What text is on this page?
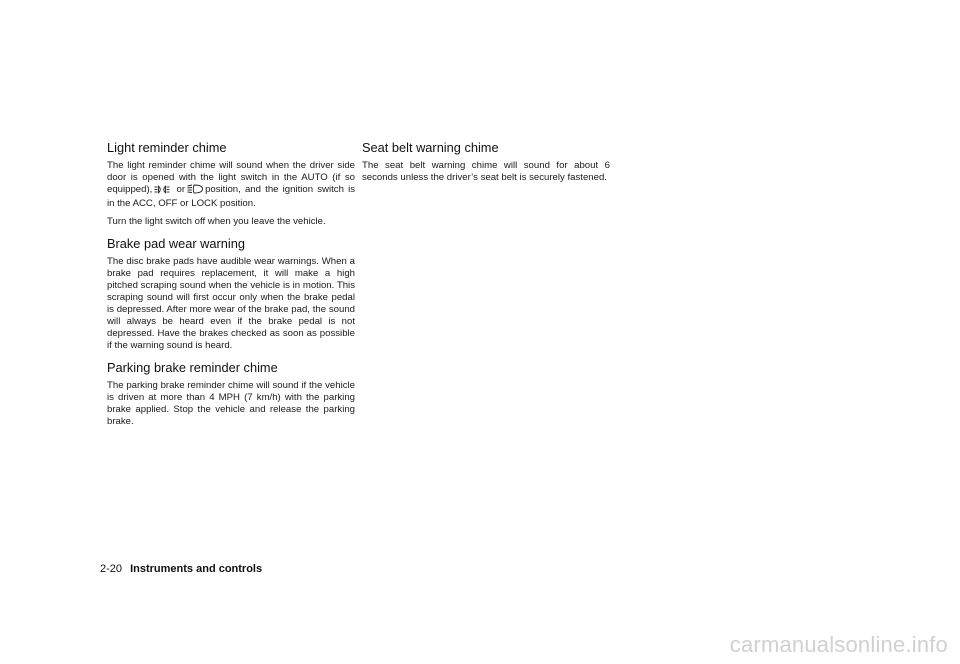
Light reminder chime

The light reminder chime will sound when the driver side door is opened with the light switch in the AUTO (if so equipped),	or position, and the ignition switch is in the ACC, OFF or LOCK position.

Turn the light switch off when you leave the vehicle.

Brake pad wear warning

The disc brake pads have audible wear warnings. When a brake pad requires replacement, it will make a high pitched scraping sound when the vehicle is in motion. This scraping sound will first occur only when the brake pedal is depressed. After more wear of the brake pad, the sound will always be heard even if the brake pedal is not depressed. Have the brakes checked as soon as possible if the warning sound is heard.

Parking brake reminder chime

The parking brake reminder chime will sound if the vehicle is driven at more than 4 MPH (7 km/h) with the parking brake applied. Stop the vehicle and release the parking brake.

Seat belt warning chime

The seat belt warning chime will sound for about 6 seconds unless the driver’s seat belt is securely fastened.

2-20 Instruments and controls
carmanualsonline.info
